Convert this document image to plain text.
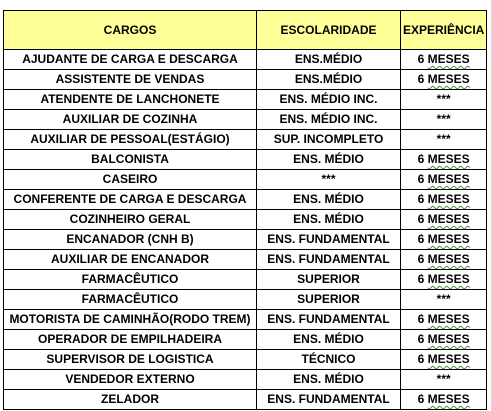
CARGOS	ESCOLARIDADE	EXPERIÊNCIA
AJUDANTE DE CARGA E DESCARGA	ENS.MÉDIO	6 MESES
ASSISTENTE DE VENDAS	ENS.MÉDIO	6 MESES
ATENDENTE DE LANCHONETE	ENS. MÉDIO INC.	***
AUXILIAR DE COZINHA	ENS. MÉDIO INC.	***
AUXILIAR DE PESSOAL(ESTÁGIO)	SUP. INCOMPLETO	***
BALCONISTA	ENS. MÉDIO	6 MESES
CASEIRO	***	6 MESES
CONFERENTE DE CARGA E DESCARGA	ENS. MÉDIO	6 MESES
COZINHEIRO GERAL	ENS. MÉDIO	6 MESES
ENCANADOR (CNH B)	ENS. FUNDAMENTAL	6 MESES
AUXILIAR DE ENCANADOR	ENS. FUNDAMENTAL	6 MESES
FARMACÊUTICO	SUPERIOR	6 MESES
FARMACÊUTICO	SUPERIOR	***
MOTORISTA DE CAMINHÃO(RODO TREM)	ENS. FUNDAMENTAL	6 MESES
OPERADOR DE EMPILHADEIRA	ENS. MÉDIO	6 MESES
SUPERVISOR DE LOGISTICA	TÉCNICO	6 MESES
VENDEDOR EXTERNO	ENS. MÉDIO	***
ZELADOR	ENS. FUNDAMENTAL	6 MESES
